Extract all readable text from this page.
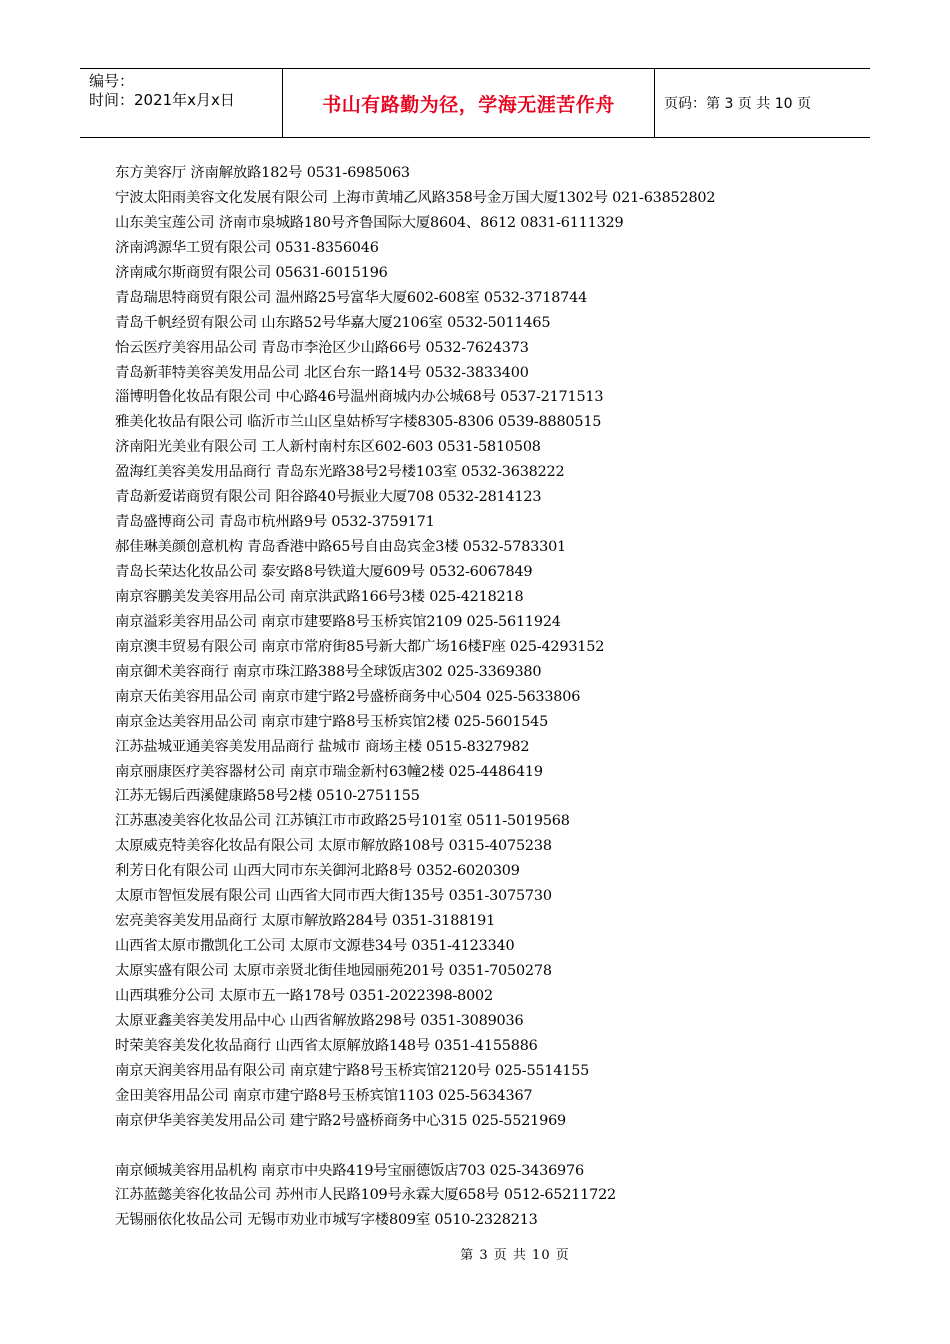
编号：
时间：2021年x月x日	书山有路勤为径，学海无涯苦作舟	页码：第 3 页 共 10 页
东方美容厅 济南解放路182号 0531-6985063
宁波太阳雨美容文化发展有限公司 上海市黄埔乙风路358号金万国大厦1302号 021-63852802
山东美宝莲公司 济南市泉城路180号齐鲁国际大厦8604、8612 0831-6111329
济南鸿源华工贸有限公司 0531-8356046
济南咸尔斯商贸有限公司 05631-6015196
青岛瑞思特商贸有限公司 温州路25号富华大厦602-608室 0532-3718744
青岛千帆经贸有限公司 山东路52号华嘉大厦2106室 0532-5011465
怡云医疗美容用品公司 青岛市李沧区少山路66号 0532-7624373
青岛新菲特美容美发用品公司 北区台东一路14号 0532-3833400
淄博明鲁化妆品有限公司 中心路46号温州商城内办公城68号 0537-2171513
雅美化妆品有限公司 临沂市兰山区皇姑桥写字楼8305-8306 0539-8880515
济南阳光美业有限公司 工人新村南村东区602-603 0531-5810508
盈海红美容美发用品商行 青岛东光路38号2号楼103室 0532-3638222
青岛新爱诺商贸有限公司 阳谷路40号振业大厦708 0532-2814123
青岛盛博商公司 青岛市杭州路9号 0532-3759171
郝佳琳美颜创意机构 青岛香港中路65号自由岛宾金3楼 0532-5783301
青岛长荣达化妆品公司 泰安路8号铁道大厦609号 0532-6067849
南京容鹏美发美容用品公司 南京洪武路166号3楼 025-4218218
南京溢彩美容用品公司 南京市建要路8号玉桥宾馆2109 025-5611924
南京澳丰贸易有限公司 南京市常府街85号新大都广场16楼F座 025-4293152
南京御术美容商行 南京市珠江路388号全球饭店302 025-3369380
南京天佑美容用品公司 南京市建宁路2号盛桥商务中心504 025-5633806
南京金达美容用品公司 南京市建宁路8号玉桥宾馆2楼 025-5601545
江苏盐城亚通美容美发用品商行 盐城市 商场主楼 0515-8327982
南京丽康医疗美容器材公司 南京市瑞金新村63幢2楼 025-4486419
江苏无锡后西溪健康路58号2楼 0510-2751155
江苏惠凌美容化妆品公司 江苏镇江市市政路25号101室 0511-5019568
太原威克特美容化妆品有限公司 太原市解放路108号 0315-4075238
利芳日化有限公司 山西大同市东关御河北路8号 0352-6020309
太原市智恒发展有限公司 山西省大同市西大街135号 0351-3075730
宏亮美容美发用品商行 太原市解放路284号 0351-3188191
山西省太原市撒凯化工公司 太原市文源巷34号 0351-4123340
太原实盛有限公司 太原市亲贤北街佳地园丽苑201号 0351-7050278
山西琪雅分公司 太原市五一路178号 0351-2022398-8002
太原亚鑫美容美发用品中心 山西省解放路298号 0351-3089036
时荣美容美发化妆品商行 山西省太原解放路148号 0351-4155886
南京天润美容用品有限公司 南京建宁路8号玉桥宾馆2120号 025-5514155
金田美容用品公司 南京市建宁路8号玉桥宾馆1103 025-5634367
南京伊华美容美发用品公司 建宁路2号盛桥商务中心315 025-5521969
南京倾城美容用品机构 南京市中央路419号宝丽德饭店703 025-3436976
江苏蓝懿美容化妆品公司 苏州市人民路109号永霖大厦658号 0512-65211722
无锡丽依化妆品公司 无锡市劝业市城写字楼809室 0510-2328213
第 3 页 共 10 页
